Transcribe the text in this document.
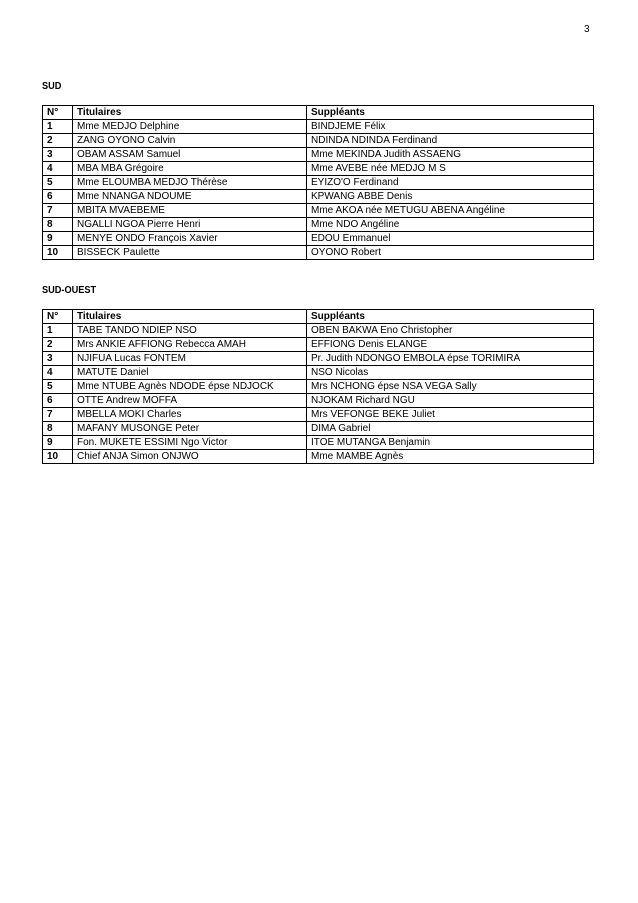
3
SUD
N°	Titulaires	Suppléants
1	Mme MEDJO Delphine	BINDJEME Félix
2	ZANG OYONO Calvin	NDINDA NDINDA Ferdinand
3	OBAM ASSAM Samuel	Mme MEKINDA Judith ASSAENG
4	MBA MBA Grégoire	Mme AVEBE née MEDJO M S
5	Mme ELOUMBA MEDJO Thérèse	EYIZO'O Ferdinand
6	Mme NNANGA NDOUME	KPWANG ABBE Denis
7	MBITA MVAEBEME	Mme AKOA née METUGU ABENA Angéline
8	NGALLI NGOA Pierre Henri	Mme NDO Angéline
9	MENYE ONDO François Xavier	EDOU Emmanuel
10	BISSECK Paulette	OYONO Robert
SUD-OUEST
N°	Titulaires	Suppléants
1	TABE TANDO NDIEP NSO	OBEN BAKWA Eno Christopher
2	Mrs ANKIE AFFIONG Rebecca AMAH	EFFIONG Denis ELANGE
3	NJIFUA Lucas FONTEM	Pr. Judith NDONGO EMBOLA épse TORIMIRA
4	MATUTE Daniel	NSO Nicolas
5	Mme NTUBE Agnès NDODE épse NDJOCK	Mrs NCHONG épse NSA VEGA Sally
6	OTTE Andrew MOFFA	NJOKAM Richard NGU
7	MBELLA MOKI Charles	Mrs VEFONGE BEKE Juliet
8	MAFANY MUSONGE Peter	DIMA Gabriel
9	Fon. MUKETE ESSIMI Ngo Victor	ITOE MUTANGA Benjamin
10	Chief ANJA Simon ONJWO	Mme MAMBE Agnès
